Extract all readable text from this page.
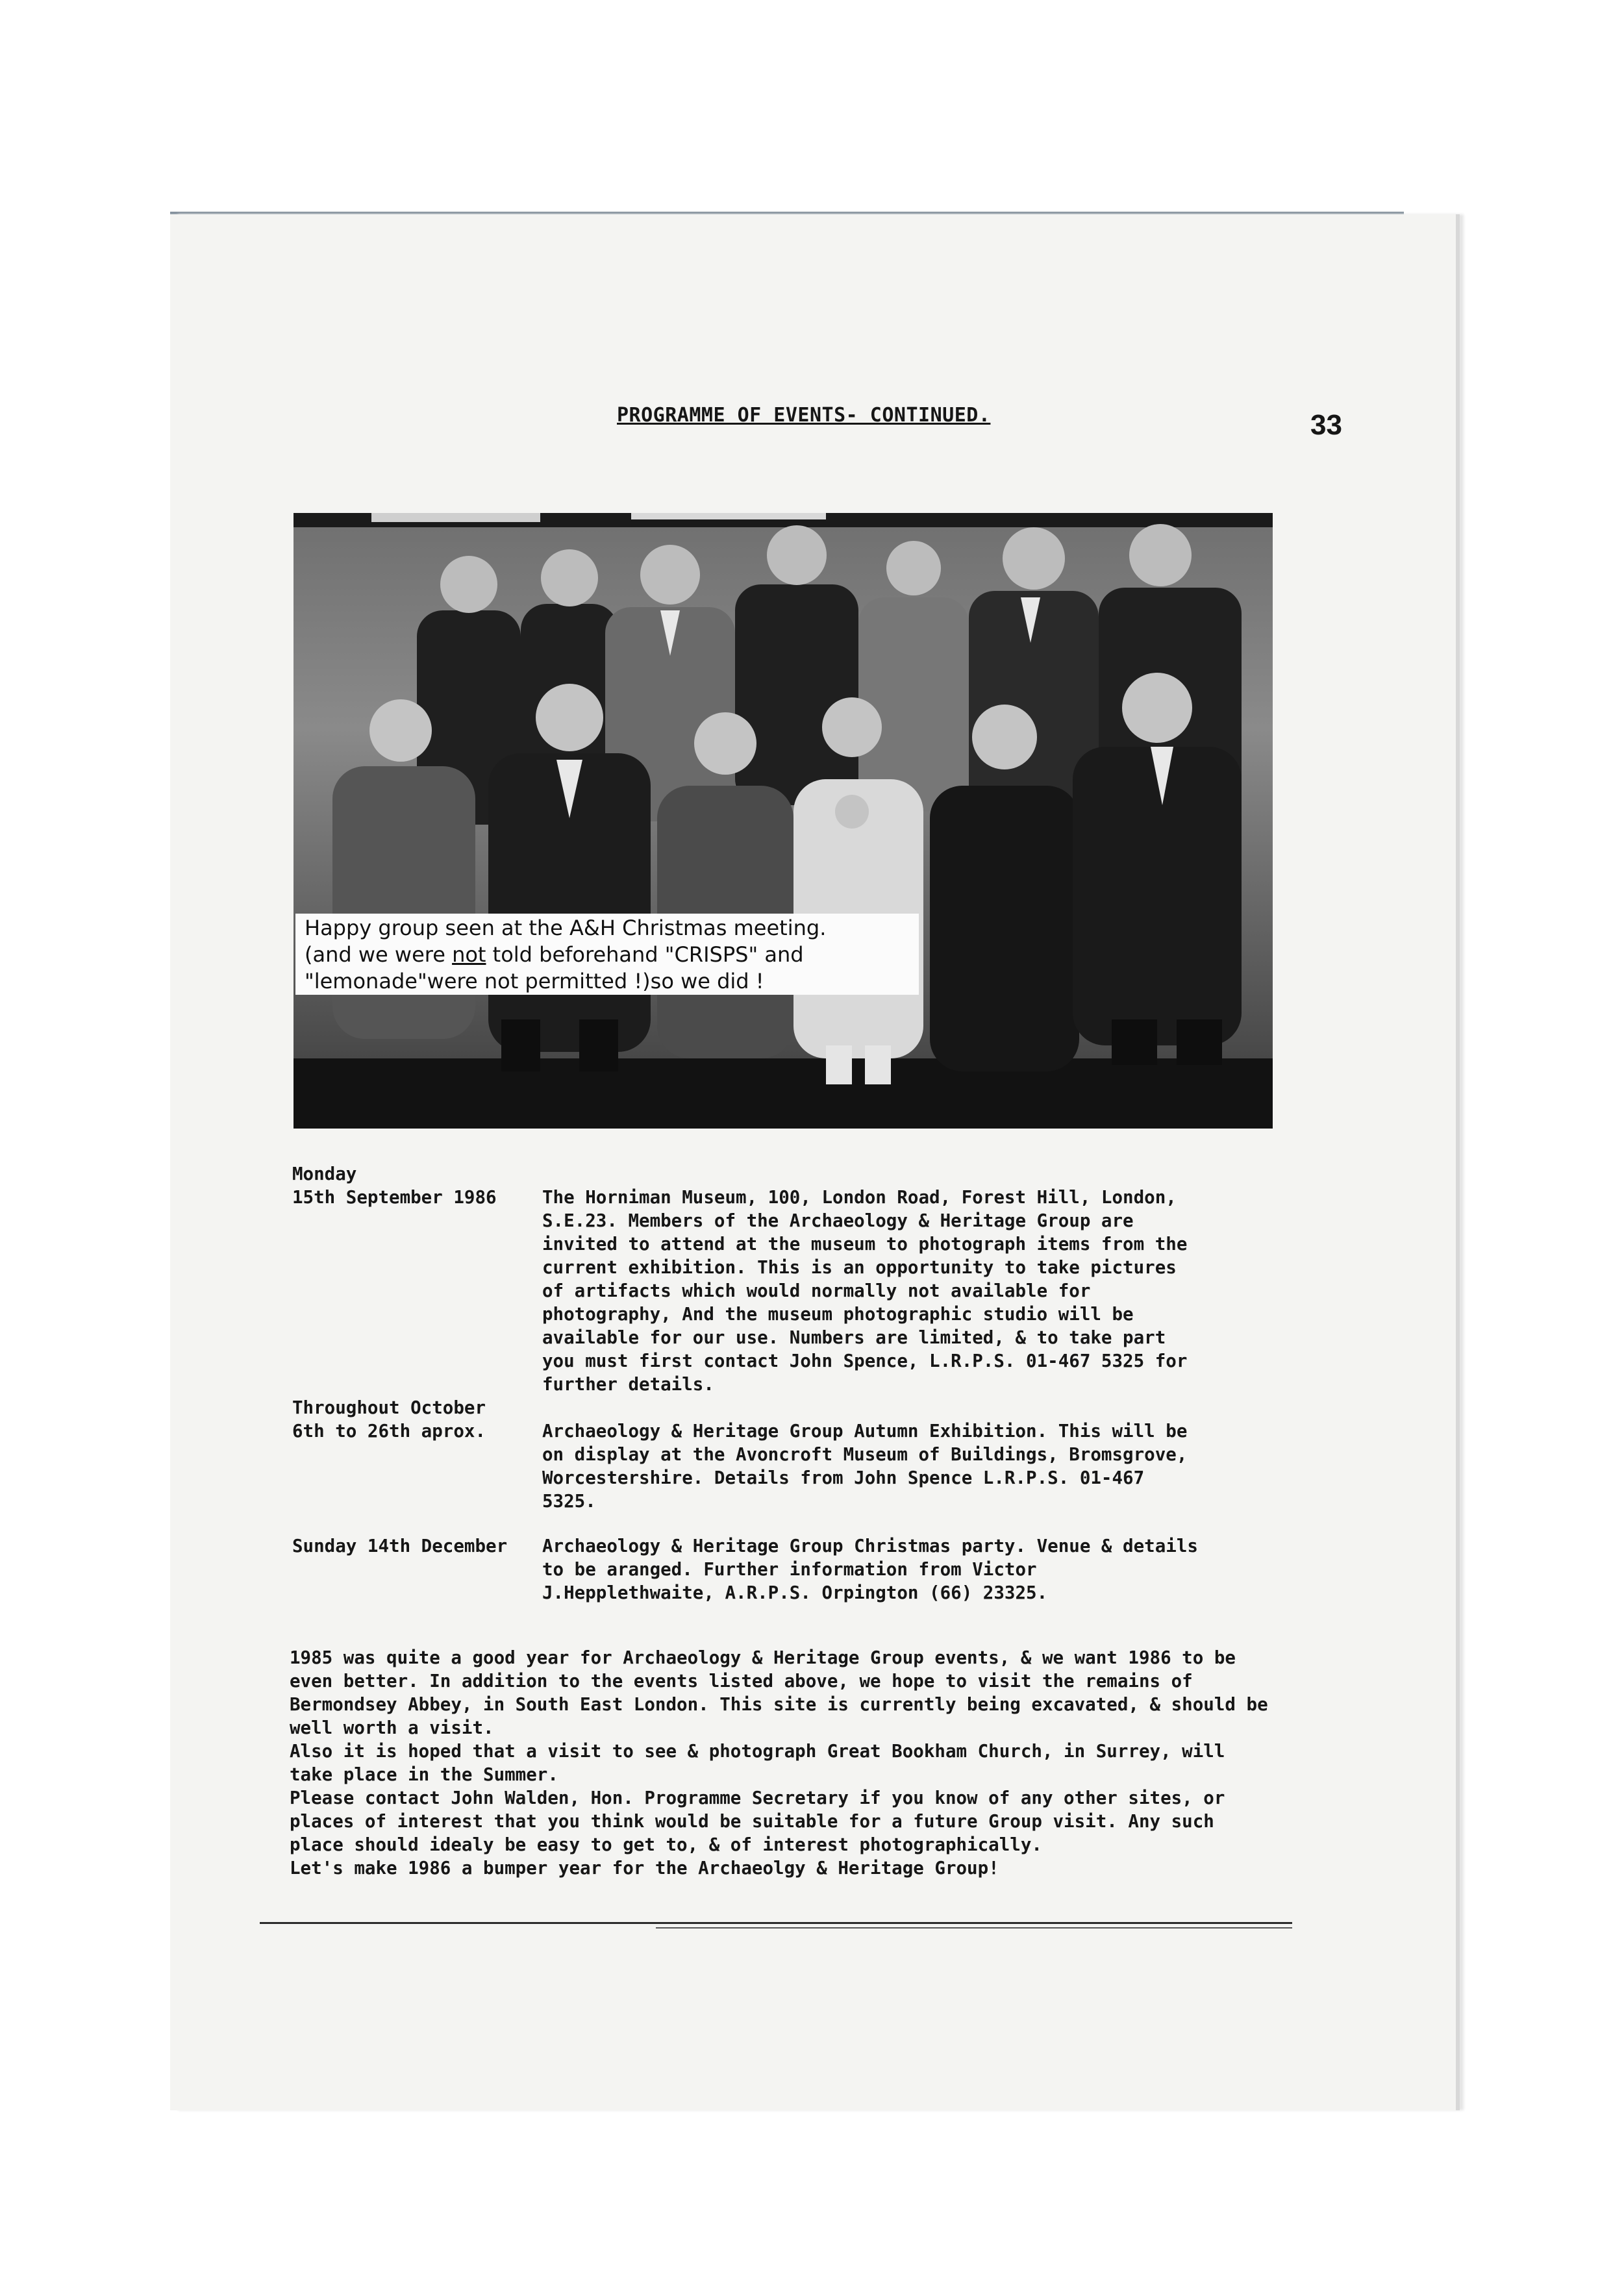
PROGRAMME OF EVENTS- CONTINUED.	33
Happy group seen at the A&H Christmas meeting.
(and we were not told beforehand "CRISPS" and
"lemonade"were not permitted !)so we did !
Monday
15th September 1986	The Horniman Museum, 100, London Road, Forest Hill, London, S.E.23. Members of the Archaeology & Heritage Group are invited to attend at the museum to photograph items from the current exhibition. This is an opportunity to take pictures of artifacts which would normally not available for photography, And the museum photographic studio will be available for our use. Numbers are limited, & to take part you must first contact John Spence, L.R.P.S. 01-467 5325 for further details.
Throughout October
6th to 26th aprox.	Archaeology & Heritage Group Autumn Exhibition. This will be on display at the Avoncroft Museum of Buildings, Bromsgrove, Worcestershire. Details from John Spence L.R.P.S. 01-467 5325.
Sunday 14th December Archaeology & Heritage Group Christmas party. Venue & details to be aranged. Further information from Victor J.Hepplethwaite, A.R.P.S. Orpington (66) 23325.

1985 was quite a good year for Archaeology & Heritage Group events, & we want 1986 to be even better. In addition to the events listed above, we hope to visit the remains of Bermondsey Abbey, in South East London. This site is currently being excavated, & should be well worth a visit.

Also it is hoped that a visit to see & photograph Great Bookham Church, in Surrey, will take place in the Summer.

Please contact John Walden, Hon. Programme Secretary if you know of any other sites, or places of interest that you think would be suitable for a future Group visit. Any such place should idealy be easy to get to, & of interest photographically.

Let's make 1986 a bumper year for the Archaeolgy & Heritage Group!
